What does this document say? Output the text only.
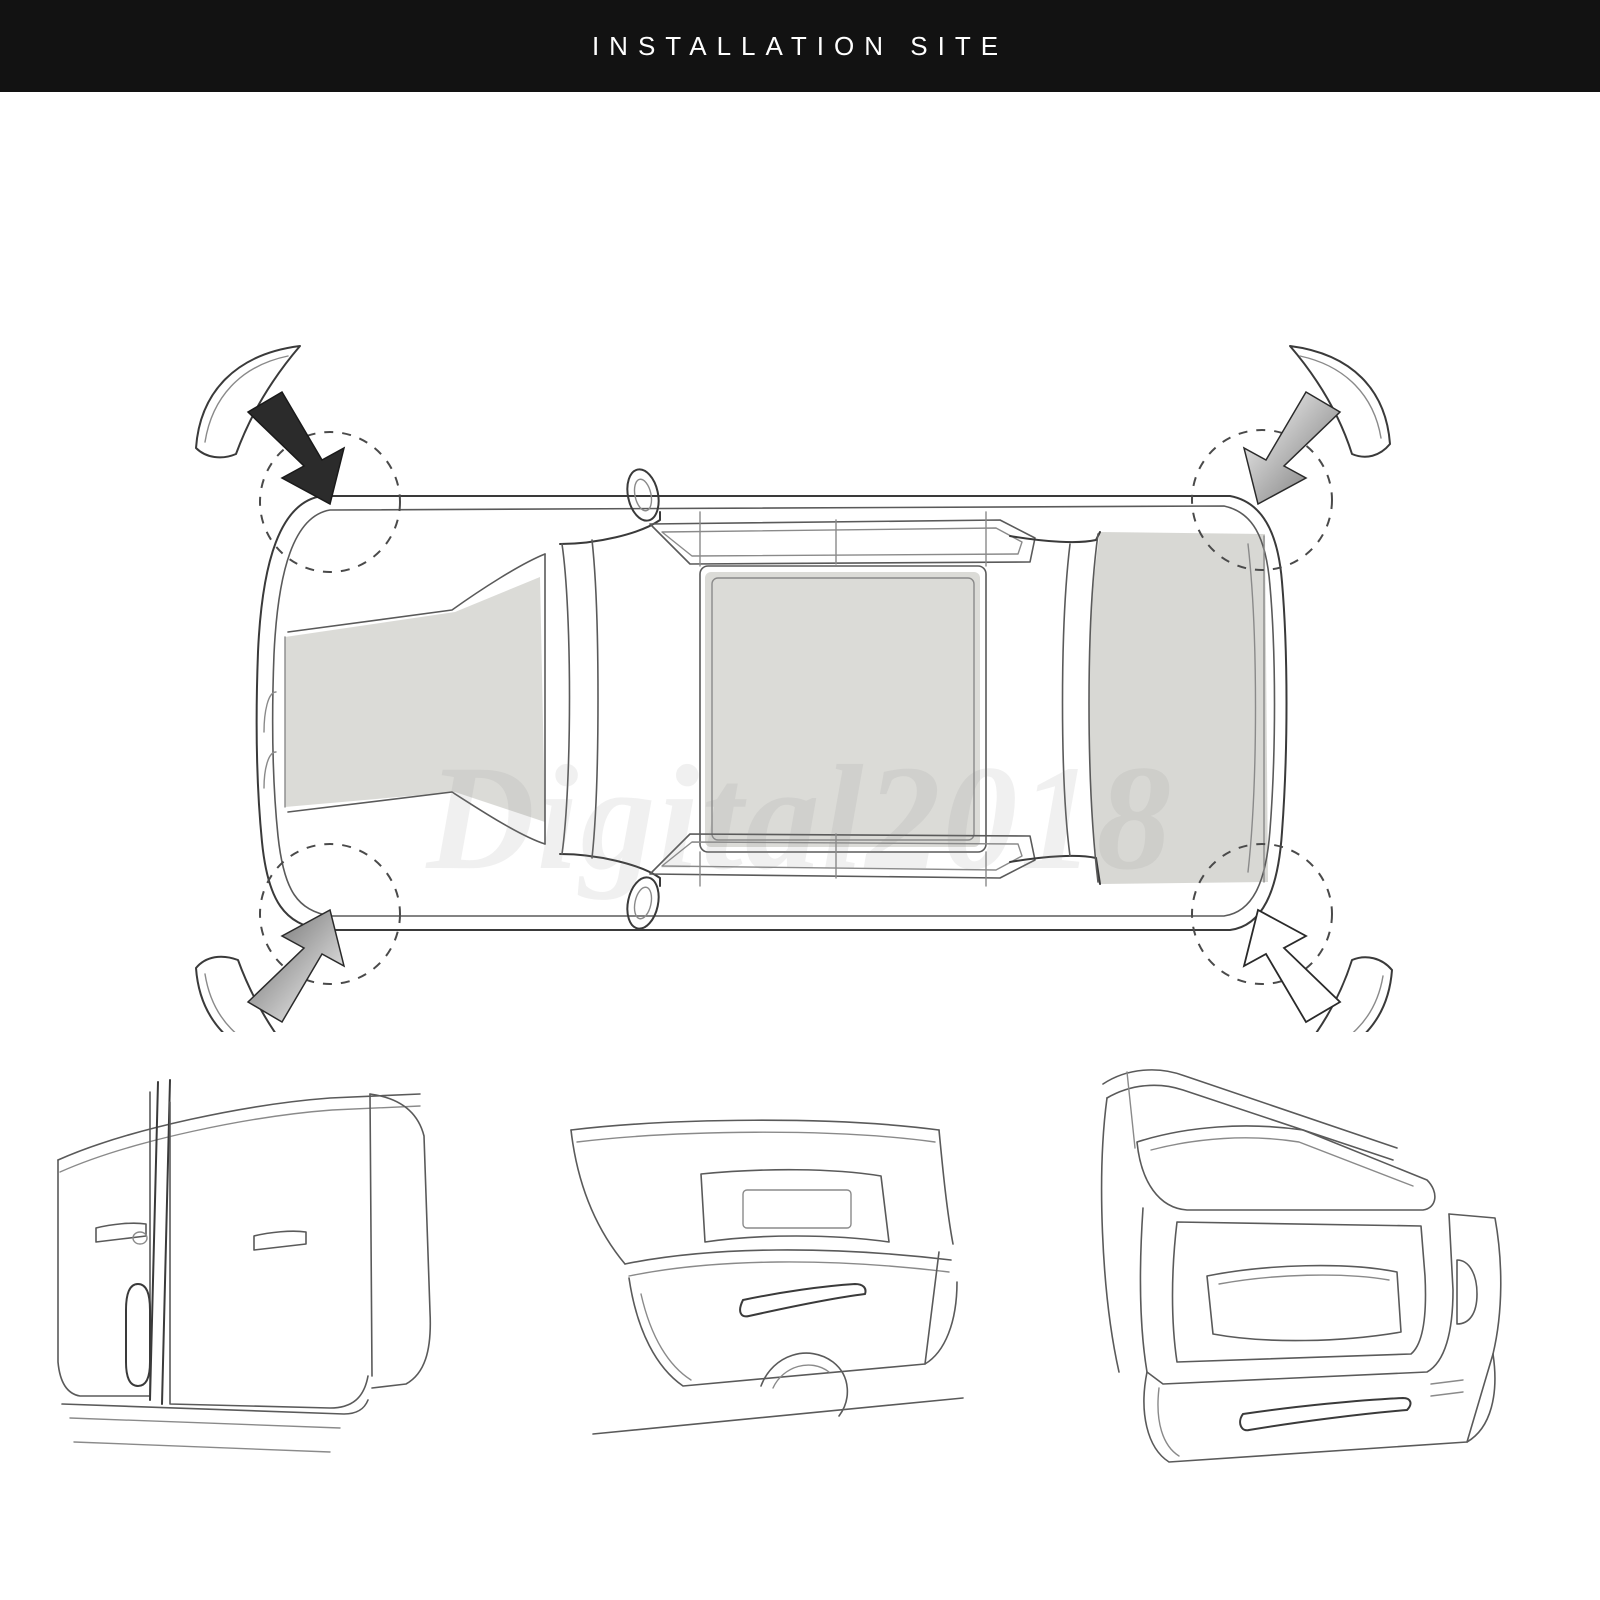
INSTALLATION SITE
